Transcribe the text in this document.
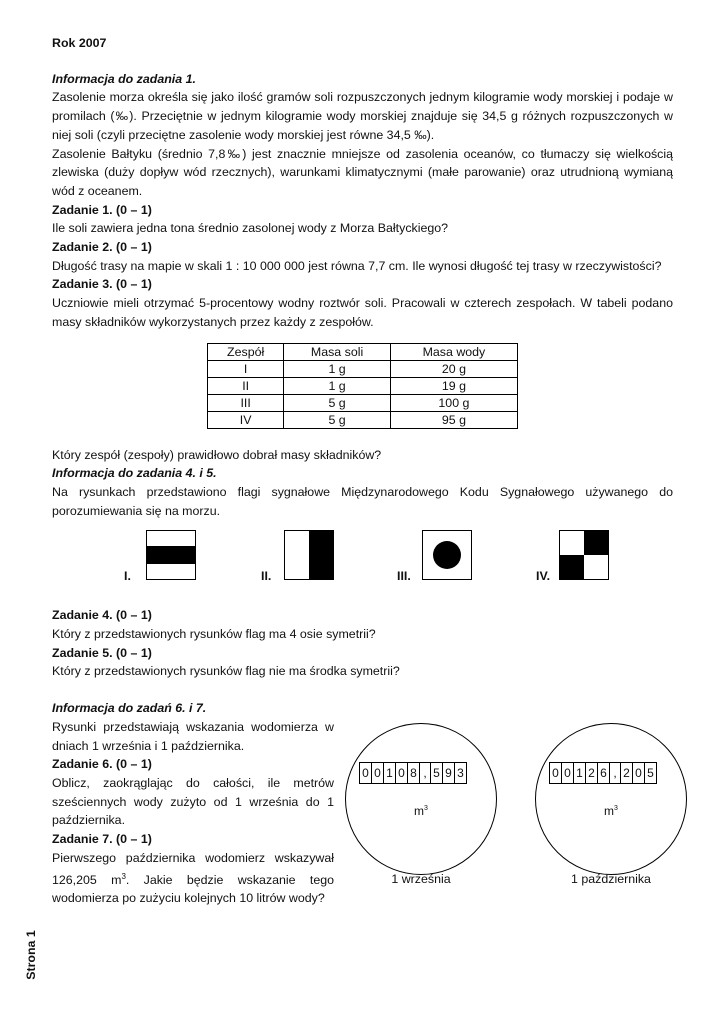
Rok 2007

Informacja do zadania 1.

Zasolenie morza określa się jako ilość gramów soli rozpuszczonych jednym kilogramie wody morskiej i podaje w promilach (‰). Przeciętnie w jednym kilogramie wody morskiej znajduje się 34,5 g różnych rozpuszczonych w niej soli (czyli przeciętne zasolenie wody morskiej jest równe 34,5 ‰).

Zasolenie Bałtyku (średnio 7,8‰) jest znacznie mniejsze od zasolenia oceanów, co tłumaczy się wielkością zlewiska (duży dopływ wód rzecznych), warunkami klimatycznymi (małe parowanie) oraz utrudnioną wymianą wód z oceanem.

Zadanie 1. (0 – 1)

Ile soli zawiera jedna tona średnio zasolonej wody z Morza Bałtyckiego?

Zadanie 2. (0 – 1)

Długość trasy na mapie w skali 1 : 10 000 000 jest równa 7,7 cm. Ile wynosi długość tej trasy w rzeczywistości?

Zadanie 3. (0 – 1)

Uczniowie mieli otrzymać 5-procentowy wodny roztwór soli. Pracowali w czterech zespołach. W tabeli podano masy składników wykorzystanych przez każdy z zespołów.

Zespół	Masa soli	Masa wody
I	1 g	20 g
II	1 g	19 g
III	5 g	100 g
IV	5 g	95 g

Który zespół (zespoły) prawidłowo dobrał masy składników?

Informacja do zadania 4. i 5.

Na rysunkach przedstawiono flagi sygnałowe Międzynarodowego Kodu Sygnałowego używanego do porozumiewania się na morzu.

I.	II.	III.	IV.

Zadanie 4. (0 – 1)

Który z przedstawionych rysunków flag ma 4 osie symetrii?

Zadanie 5. (0 – 1)

Który z przedstawionych rysunków flag nie ma środka symetrii?

Informacja do zadań 6. i 7.

Rysunki przedstawiają wskazania wodomierza w dniach 1 września i 1 października.

Zadanie 6. (0 – 1)

Oblicz, zaokrąglając do całości, ile metrów sześciennych wody zużyto od 1 września do 1 października.

Zadanie 7. (0 – 1)

Pierwszego października wodomierz wskazywał 126,205 $m^3$. Jakie będzie wskazanie tego wodomierza po zużyciu kolejnych 10 litrów wody?

0 0 1 0 8 , 5 9 3
$m^3$
1 września
0 0 1 2 6 , 2 0 5
$m^3$
1 października
Strona 1
